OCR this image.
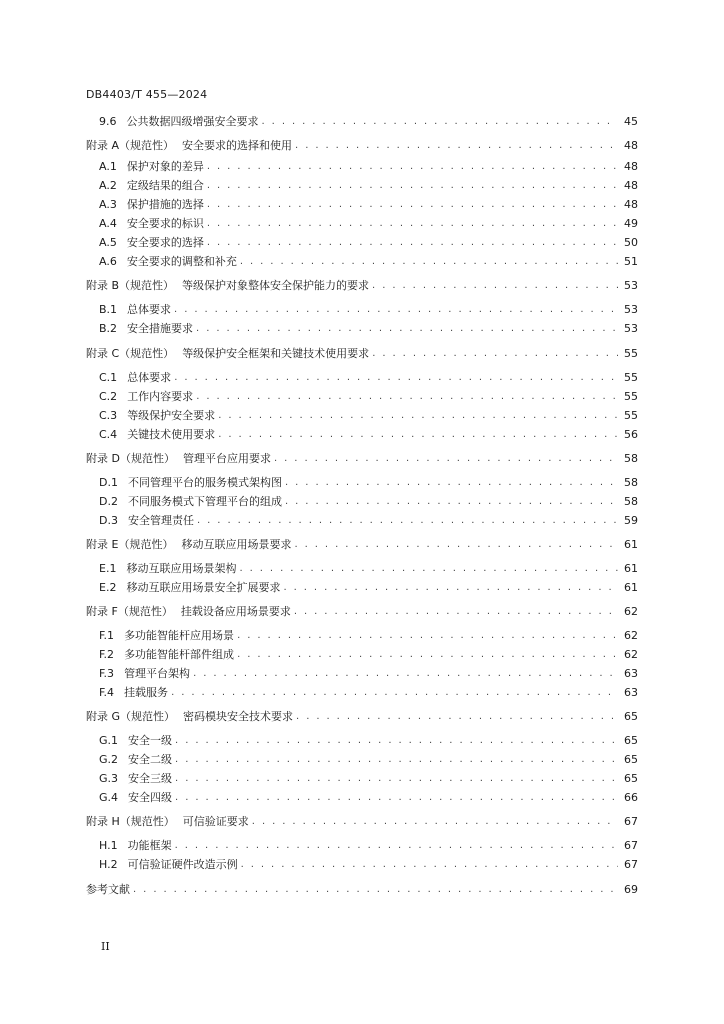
DB4403/T 455—2024
9.6 公共数据四级增强安全要求 . . .	45
附录 A（规范性） 安全要求的选择和使用 . . .	48
A.1 保护对象的差异 . . .	48
A.2 定级结果的组合 . . .	48
A.3 保护措施的选择 . . .	48
A.4 安全要求的标识 . . .	49
A.5 安全要求的选择 . . .	50
A.6 安全要求的调整和补充 . . .	51
附录 B（规范性） 等级保护对象整体安全保护能力的要求 . . .	53
B.1 总体要求 . . .	53
B.2 安全措施要求 . . .	53
附录 C（规范性） 等级保护安全框架和关键技术使用要求 . . .	55
C.1 总体要求 . . .	55
C.2 工作内容要求 . . .	55
C.3 等级保护安全要求 . . .	55
C.4 关键技术使用要求 . . .	56
附录 D（规范性） 管理平台应用要求 . . .	58
D.1 不同管理平台的服务模式架构图 . . .	58
D.2 不同服务模式下管理平台的组成 . . .	58
D.3 安全管理责任 . . .	59
附录 E（规范性） 移动互联应用场景要求 . . .	61
E.1 移动互联应用场景架构 . . .	61
E.2 移动互联应用场景安全扩展要求 . . .	61
附录 F（规范性） 挂载设备应用场景要求 . . .	62
F.1 多功能智能杆应用场景 . . .	62
F.2 多功能智能杆部件组成 . . .	62
F.3 管理平台架构 . . .	63
F.4 挂载服务 . . .	63
附录 G（规范性） 密码模块安全技术要求 . . .	65
G.1 安全一级 . . .	65
G.2 安全二级 . . .	65
G.3 安全三级 . . .	65
G.4 安全四级 . . .	66
附录 H（规范性） 可信验证要求 . . .	67
H.1 功能框架 . . .	67
H.2 可信验证硬件改造示例 . . .	67
参考文献 . . .	69
II
